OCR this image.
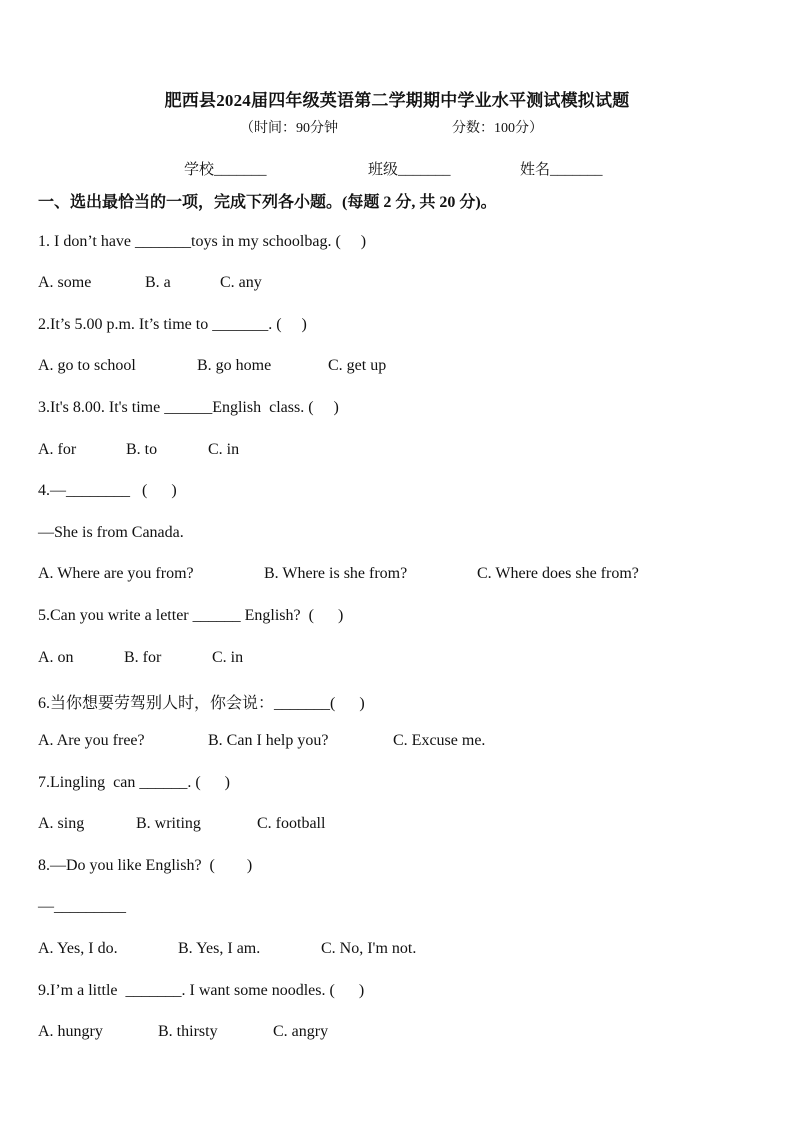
肥西县2024届四年级英语第二学期期中学业水平测试模拟试题
（时间：90分钟	分数：100分）
学校_______	班级_______	姓名_______
一、选出最恰当的一项，完成下列各小题。(每题 2 分, 共 20 分)。
1. I don’t have _______toys in my schoolbag. (     )
A. some	B. a	C. any
2.It’s 5.00 p.m. It’s time to _______. (     )
A. go to school	B. go home	C. get up
3.It's 8.00. It's time ______English  class. (     )
A. for	B. to	C. in
4.—________   (      )
—She is from Canada.
A. Where are you from?	B. Where is she from?	C. Where does she from?
5.Can you write a letter ______ English?  (      )
A. on	B. for	C. in
6.当你想要劳驾别人时，你会说：_______(      )
A. Are you free?	B. Can I help you?	C. Excuse me.
7.Lingling  can ______. (      )
A. sing	B. writing	C. football
8.—Do you like English?  (        )
—_________
A. Yes, I do.	B. Yes, I am.	C. No, I'm not.
9.I’m a little  _______. I want some noodles. (      )
A. hungry	B. thirsty	C. angry
